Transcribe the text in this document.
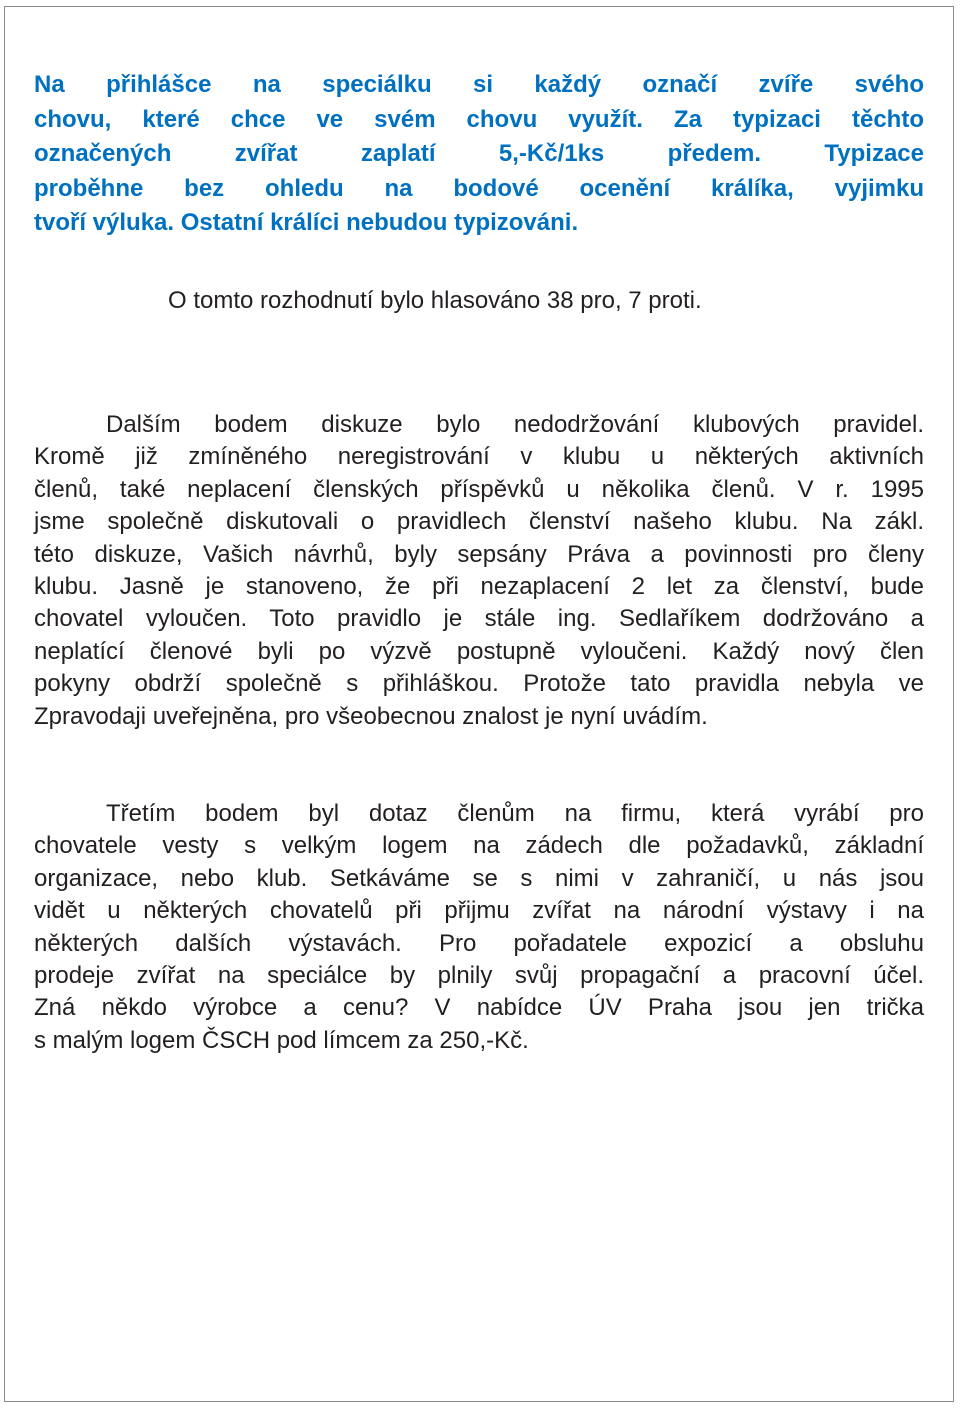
Na přihlášce na speciálku si každý označí zvíře svého
chovu, které chce ve svém chovu využít. Za typizaci těchto
označených zvířat zaplatí 5,-Kč/1ks předem. Typizace
proběhne bez ohledu na bodové ocenění králíka, vyjimku
tvoří výluka. Ostatní králíci nebudou typizováni.

O tomto rozhodnutí bylo hlasováno 38 pro, 7 proti.

Dalším bodem diskuze bylo nedodržování klubových pravidel.
Kromě již zmíněného neregistrování v klubu u některých aktivních
členů, také neplacení členských příspěvků u několika členů. V r. 1995
jsme společně diskutovali o pravidlech členství našeho klubu. Na zákl.
této diskuze, Vašich návrhů, byly sepsány Práva a povinnosti pro členy
klubu. Jasně je stanoveno, že při nezaplacení 2 let za členství, bude
chovatel vyloučen. Toto pravidlo je stále ing. Sedlaříkem dodržováno a
neplatící členové byli po výzvě postupně vyloučeni. Každý nový člen
pokyny obdrží společně s přihláškou. Protože tato pravidla nebyla ve
Zpravodaji uveřejněna, pro všeobecnou znalost je nyní uvádím.
Třetím bodem byl dotaz členům na firmu, která vyrábí pro
chovatele vesty s velkým logem na zádech dle požadavků, základní
organizace, nebo klub. Setkáváme se s nimi v zahraničí, u nás jsou
vidět u některých chovatelů při přijmu zvířat na národní výstavy i na
některých dalších výstavách. Pro pořadatele expozicí a obsluhu
prodeje zvířat na speciálce by plnily svůj propagační a pracovní účel.
Zná někdo výrobce a cenu? V nabídce ÚV Praha jsou jen trička
s malým logem ČSCH pod límcem za 250,-Kč.
